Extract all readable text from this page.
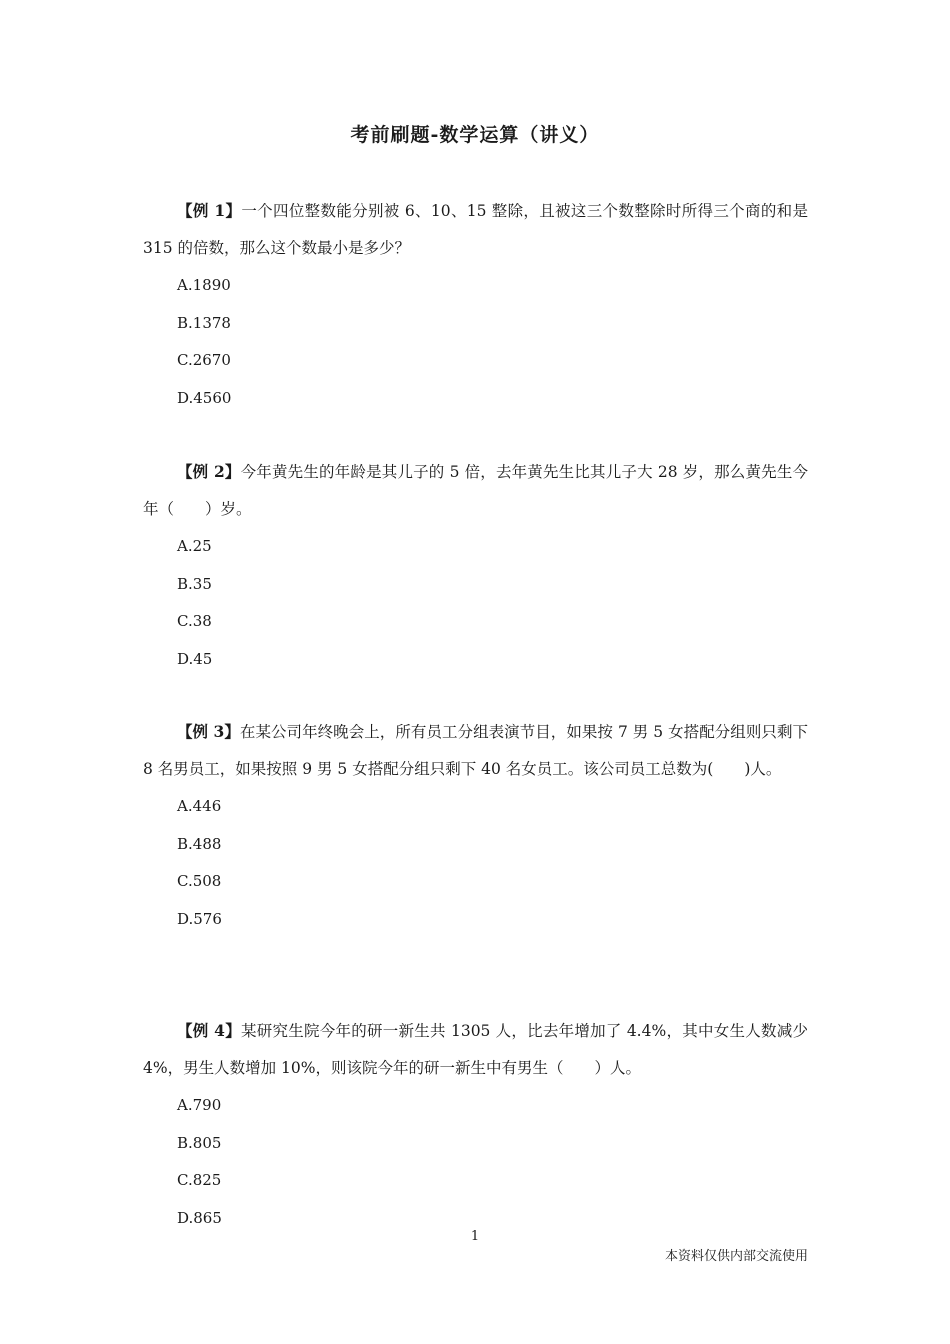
考前刷题-数学运算（讲义）

【例 1】一个四位整数能分别被 6、10、15 整除，且被这三个数整除时所得三个商的和是 315 的倍数，那么这个数最小是多少？

A.1890
B.1378
C.2670
D.4560

【例 2】今年黄先生的年龄是其儿子的 5 倍，去年黄先生比其儿子大 28 岁，那么黄先生今年（　　）岁。

A.25
B.35
C.38
D.45

【例 3】在某公司年终晚会上，所有员工分组表演节目，如果按 7 男 5 女搭配分组则只剩下 8 名男员工，如果按照 9 男 5 女搭配分组只剩下 40 名女员工。该公司员工总数为(　　)人。

A.446
B.488
C.508
D.576

【例 4】某研究生院今年的研一新生共 1305 人，比去年增加了 4.4%，其中女生人数减少 4%，男生人数增加 10%，则该院今年的研一新生中有男生（　　）人。

A.790
B.805
C.825
D.865
1
本资料仅供内部交流使用
